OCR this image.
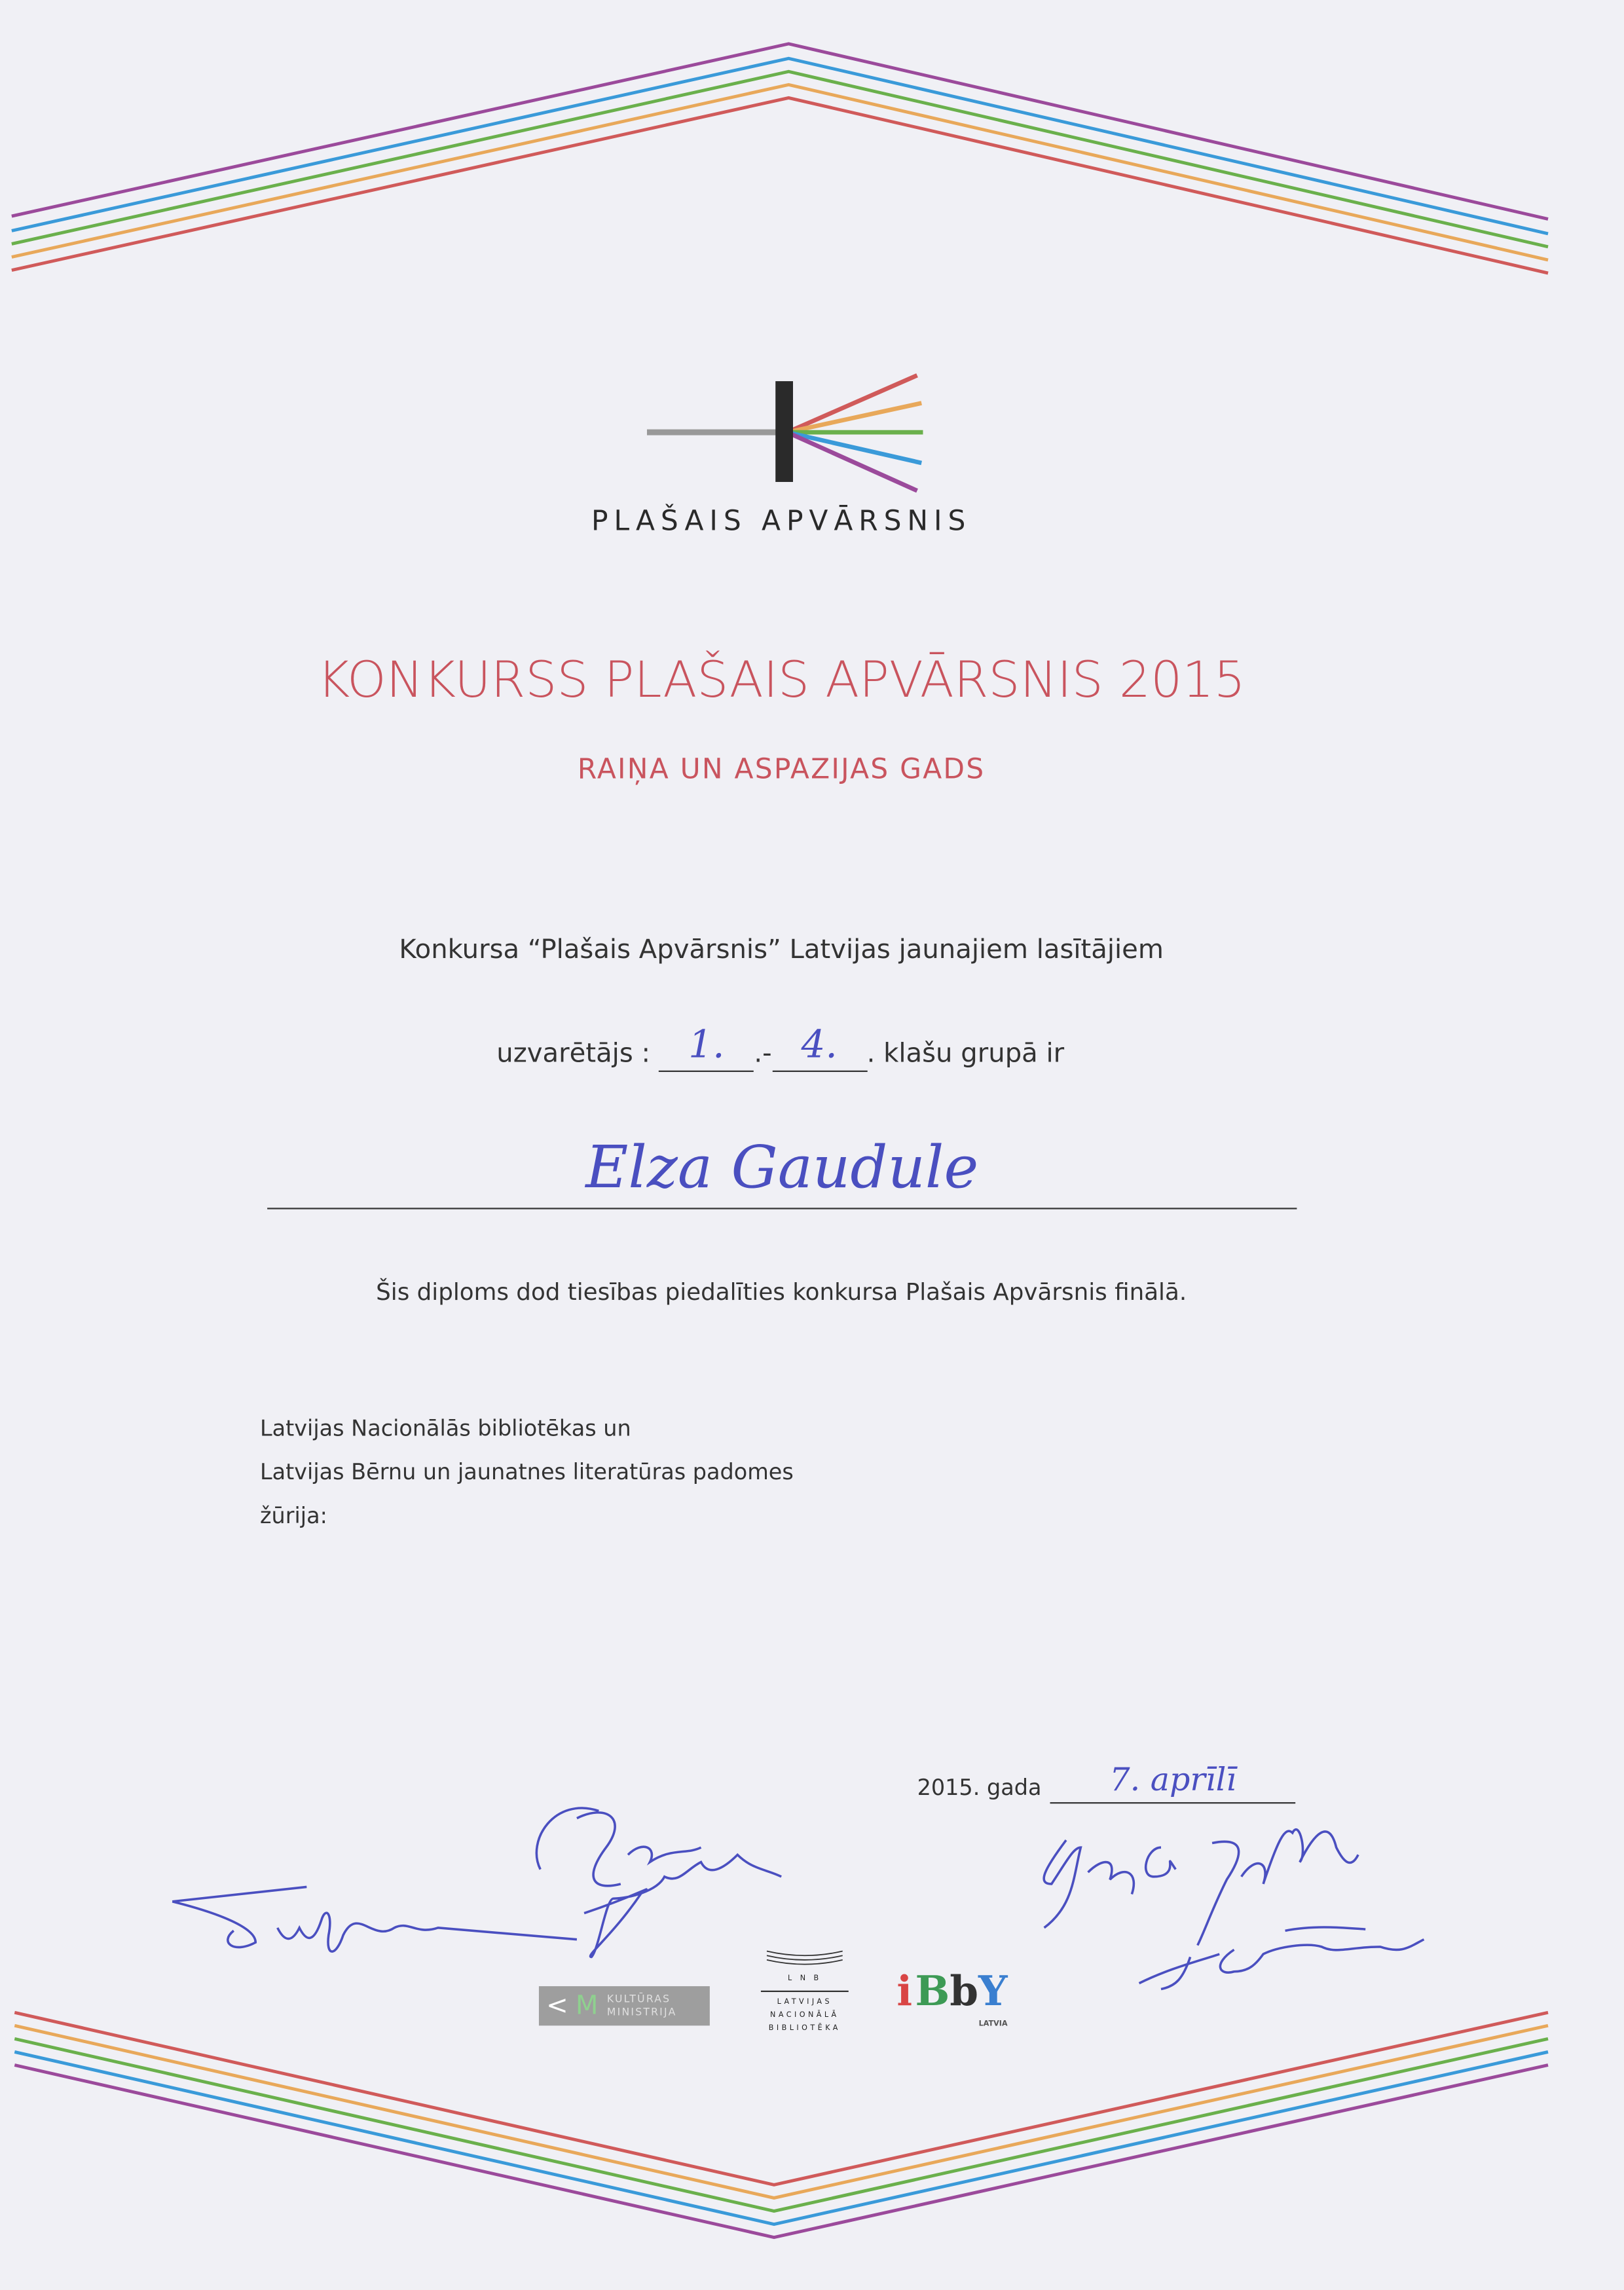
PLAŠAIS APVĀRSNIS
KONKURSS PLAŠAIS APVĀRSNIS 2015
RAIŅA UN ASPAZIJAS GADS
Konkursa “Plašais Apvārsnis” Latvijas jaunajiem lasītājiem
uzvarētājs :	1.	.-	4.	. klašu grupā ir
Elza Gaudule
Šis diploms dod tiesības piedalīties konkursa Plašais Apvārsnis finālā.
Latvijas Nacionālās bibliotēkas un
Latvijas Bērnu un jaunatnes literatūras padomes
žūrija:
2015. gada	7. aprīlī
< M KULTŪRAS
MINISTRIJA
L N B
LATVIJAS
NACIONĀLĀ
BIBLIOTĒKA
i BbY
LATVIA
